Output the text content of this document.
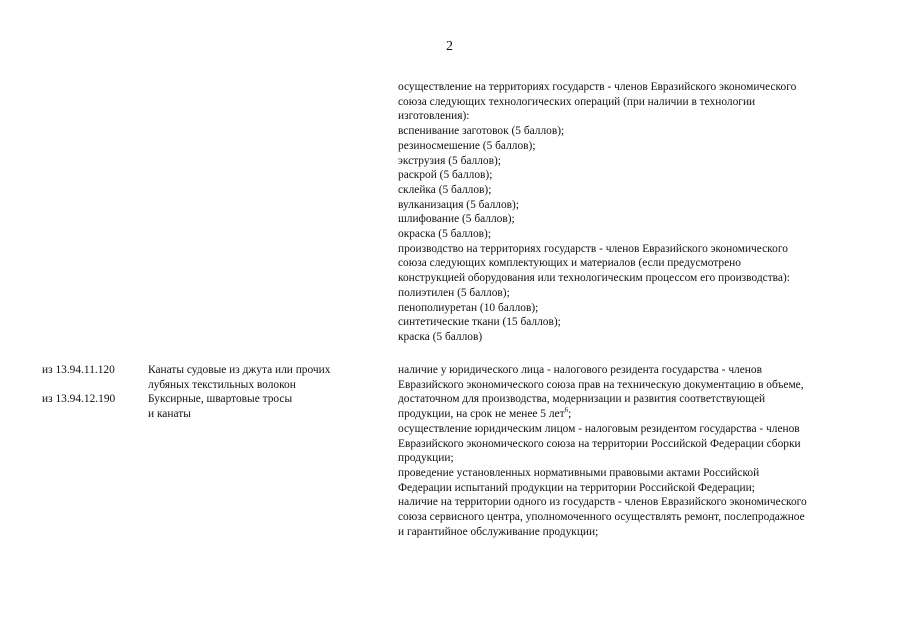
2
осуществление на территориях государств - членов Евразийского экономического
союза следующих технологических операций (при наличии в технологии
изготовления):
вспенивание заготовок (5 баллов);
резиносмешение (5 баллов);
экструзия (5 баллов);
раскрой (5 баллов);
склейка (5 баллов);
вулканизация (5 баллов);
шлифование (5 баллов);
окраска (5 баллов);
производство на территориях государств - членов Евразийского экономического
союза следующих комплектующих и материалов (если предусмотрено
конструкцией оборудования или технологическим процессом его производства):
полиэтилен (5 баллов);
пенополиуретан (10 баллов);
синтетические ткани (15 баллов);
краска (5 баллов)
из 13.94.11.120	Канаты судовые из джута или прочих
лубяных текстильных волокон
из 13.94.12.190	Буксирные, швартовые тросы
и канаты
наличие у юридического лица - налогового резидента государства - членов
Евразийского экономического союза прав на техническую документацию в объеме,
достаточном для производства, модернизации и развития соответствующей
продукции, на срок не менее 5 лет$^6$;
осуществление юридическим лицом - налоговым резидентом государства - членов
Евразийского экономического союза на территории Российской Федерации сборки
продукции;
проведение установленных нормативными правовыми актами Российской
Федерации испытаний продукции на территории Российской Федерации;
наличие на территории одного из государств - членов Евразийского экономического
союза сервисного центра, уполномоченного осуществлять ремонт, послепродажное
и гарантийное обслуживание продукции;
